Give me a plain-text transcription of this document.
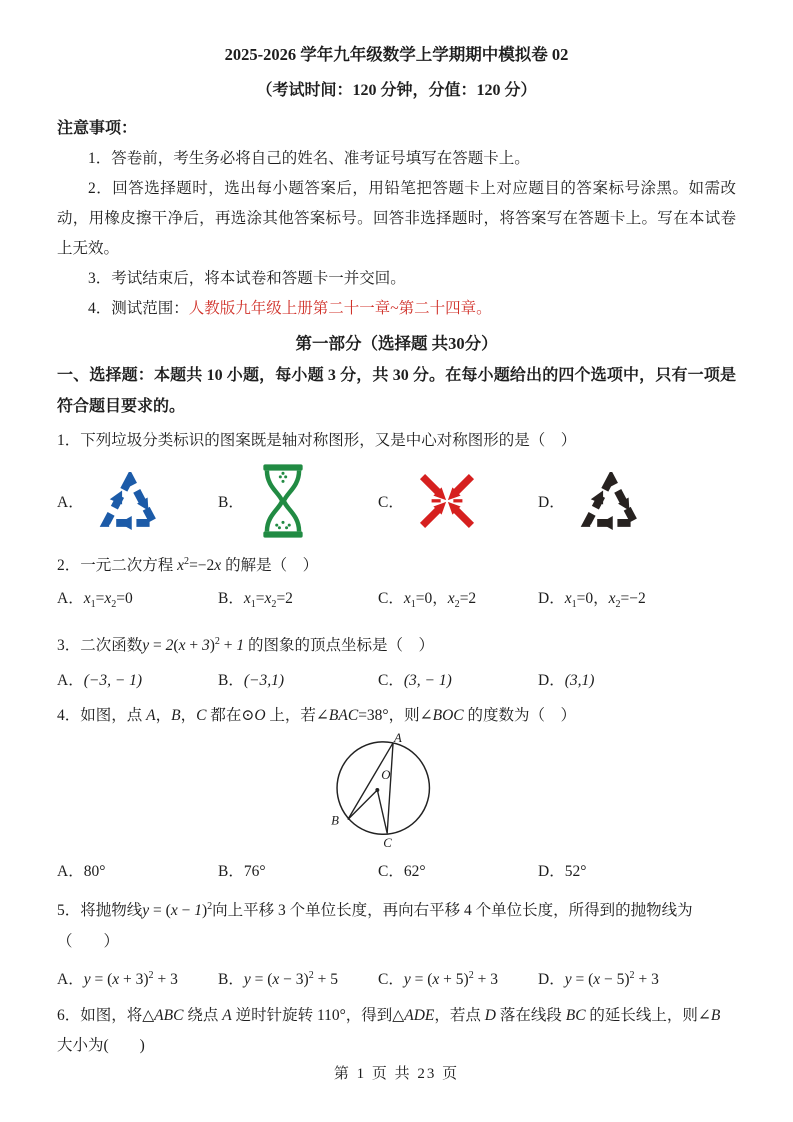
2025-2026 学年九年级数学上学期期中模拟卷 02
（考试时间：120 分钟，分值：120 分）

注意事项：

1．答卷前，考生务必将自己的姓名、准考证号填写在答题卡上。

2．回答选择题时，选出每小题答案后，用铅笔把答题卡上对应题目的答案标号涂黑。如需改动，用橡皮擦干净后，再选涂其他答案标号。回答非选择题时，将答案写在答题卡上。写在本试卷上无效。

3．考试结束后，将本试卷和答题卡一并交回。

4．测试范围：人教版九年级上册第二十一章~第二十四章。

第一部分（选择题 共30分）

一、选择题：本题共 10 小题，每小题 3 分，共 30 分。在每小题给出的四个选项中，只有一项是符合题目要求的。

1．下列垃圾分类标识的图案既是轴对称图形，又是中心对称图形的是（　）

A．	B．	C．	D．

2．一元二次方程 $x^2=-2x$ 的解是（　）

A．$x_1=x_2=0$	B．$x_1=x_2=2$	C．$x_1=0$，$x_2=2$	D．$x_1=0$，$x_2=-2$

3．二次函数$y = 2(x + 3)^2 + 1$ 的图象的顶点坐标是（　）

A．(−3, − 1)	B．(−3,1)	C．(3, − 1)	D．(3,1)

4．如图，点 A，B，C 都在⊙O 上，若∠BAC=38°，则∠BOC 的度数为（　）

A
O
B
C
A．80°	B．76°	C．62°	D．52°

5．将抛物线$y = (x - 1)^2$向上平移 3 个单位长度，再向右平移 4 个单位长度，所得到的抛物线为

（　　）

A．$y = (x + 3)^2 + 3$	B．$y = (x - 3)^2 + 5$	C．$y = (x + 5)^2 + 3$	D．$y = (x - 5)^2 + 3$

6．如图，将△ABC 绕点 A 逆时针旋转 110°，得到△ADE，若点 D 落在线段 BC 的延长线上，则∠B 大小为(　　)

第 1 页 共 23 页
